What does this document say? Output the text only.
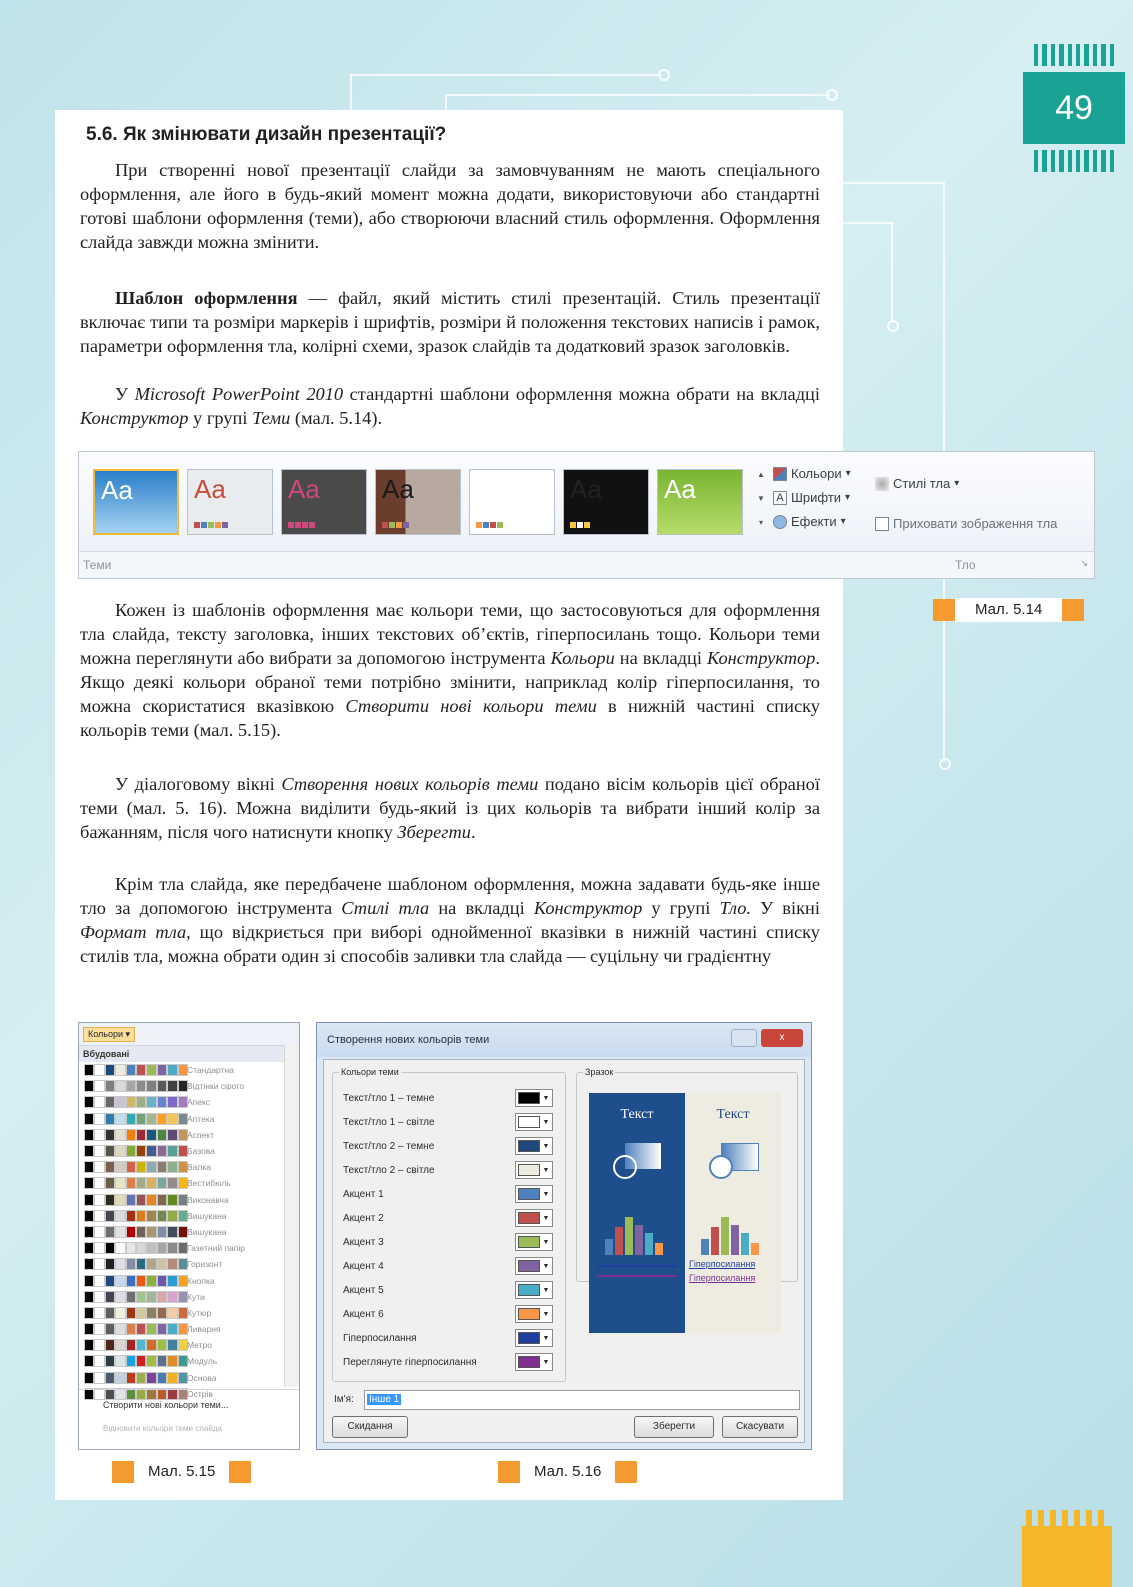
49
5.6. Як змінювати дизайн презентації?

При створенні нової презентації слайди за замовчуванням не мають спеціального оформлення, але його в будь-який момент можна додати, використовуючи або стандартні готові шаблони оформлення (теми), або створюючи власний стиль оформлення. Оформлення слайда завжди можна змінити.

Шаблон оформлення — файл, який містить стилі презентацій. Стиль презентації включає типи та розміри маркерів і шрифтів, розміри й положення текстових написів і рамок, параметри оформлення тла, колірні схеми, зразок слайдів та додатковий зразок заголовків.

У Microsoft PowerPoint 2010 стандартні шаблони оформлення можна обрати на вкладці Конструктор у групі Теми (мал. 5.14).

Aa Aa Aa Aa	Aa Aa	▲
▼
▾
Кольори ▾
A Шрифти ▾
Ефекти ▾
Стилі тла ▾
Приховати зображення тла
Теми	Тло	↘
Мал. 5.14

Кожен із шаблонів оформлення має кольори теми, що застосовуються для оформлення тла слайда, тексту заголовка, інших текстових об’єктів, гіперпосилань тощо. Кольори теми можна переглянути або вибрати за допомогою інструмента Кольори на вкладці Конструктор. Якщо деякі кольори обраної теми потрібно змінити, наприклад колір гіперпосилання, то можна скористатися вказівкою Створити нові кольори теми в нижній частині списку кольорів теми (мал. 5.15).

У діалоговому вікні Створення нових кольорів теми подано вісім кольорів цієї обраної теми (мал. 5. 16). Можна виділити будь-який із цих кольорів та вибрати інший колір за бажанням, після чого натиснути кнопку Зберегти.

Крім тла слайда, яке передбачене шаблоном оформлення, можна задавати будь-яке інше тло за допомогою інструмента Стилі тла на вкладці Конструктор у групі Тло. У вікні Формат тла, що відкриється при виборі однойменної вказівки в нижній частині списку стилів тла, можна обрати один зі способів заливки тла слайда — суцільну чи градієнтну

Кольори ▾
Вбудовані
Стандартна
Відтінки сірого
Апекс
Аптека
Аспект
Базова
Валка
Вестибюль
Виконавча
Вишукана
Вишукана
Газетний папір
Горизонт
Кнопка
Кути
Кутюр
Ливарня
Метро
Модуль
Основа
Острів
Створити нові кольори теми...
Відновити кольори теми слайда
Створення нових кольорів теми	x
Кольори теми
Текст/тло 1 – темне	▼
Текст/тло 1 – світле	▼
Текст/тло 2 – темне	▼
Текст/тло 2 – світле	▼
Акцент 1	▼
Акцент 2	▼
Акцент 3	▼
Акцент 4	▼
Акцент 5	▼
Акцент 6	▼
Гіперпосилання	▼
Переглянуте гіперпосилання	▼
Зразок
Текст	Текст
Гіперпосилання
Гіперпосилання
Ім'я:	Інше 1
Скидання	Зберегти	Скасувати
Мал. 5.15	Мал. 5.16
